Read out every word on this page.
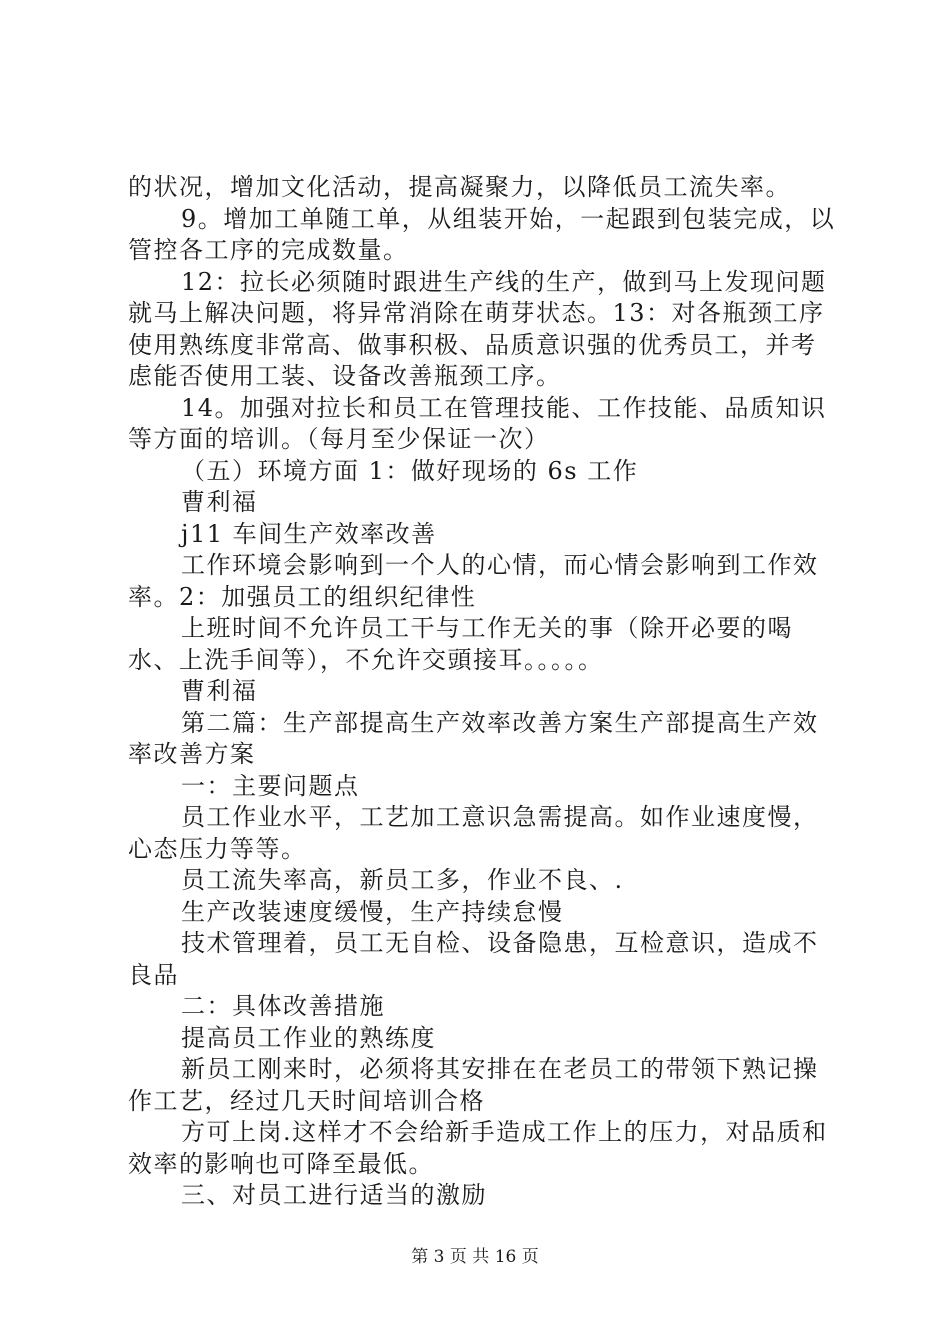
的状况，增加文化活动，提高凝聚力，以降低员工流失率。

9。增加工单随工单，从组装开始，一起跟到包装完成，以管控各工序的完成数量。

12：拉长必须随时跟进生产线的生产，做到马上发现问题就马上解决问题，将异常消除在萌芽状态。13：对各瓶颈工序使用熟练度非常高、做事积极、品质意识强的优秀员工，并考虑能否使用工装、设备改善瓶颈工序。

14。加强对拉长和员工在管理技能、工作技能、品质知识等方面的培训。（每月至少保证一次）

（五）环境方面 1：做好现场的 6s 工作

曹利福

j11 车间生产效率改善

工作环境会影响到一个人的心情，而心情会影响到工作效率。2：加强员工的组织纪律性

上班时间不允许员工干与工作无关的事（除开必要的喝水、上洗手间等），不允许交頭接耳。。。。。

曹利福

第二篇：生产部提高生产效率改善方案生产部提高生产效率改善方案

一：主要问题点

员工作业水平，工艺加工意识急需提高。如作业速度慢，心态压力等等。

员工流失率高，新员工多，作业不良、.

生产改装速度缓慢，生产持续怠慢

技术管理着，员工无自检、设备隐患，互检意识，造成不良品

二：具体改善措施

提高员工作业的熟练度

新员工刚来时，必须将其安排在在老员工的带领下熟记操作工艺，经过几天时间培训合格

方可上岗.这样才不会给新手造成工作上的压力，对品质和效率的影响也可降至最低。

三、对员工进行适当的激励

第 3 页 共 16 页
